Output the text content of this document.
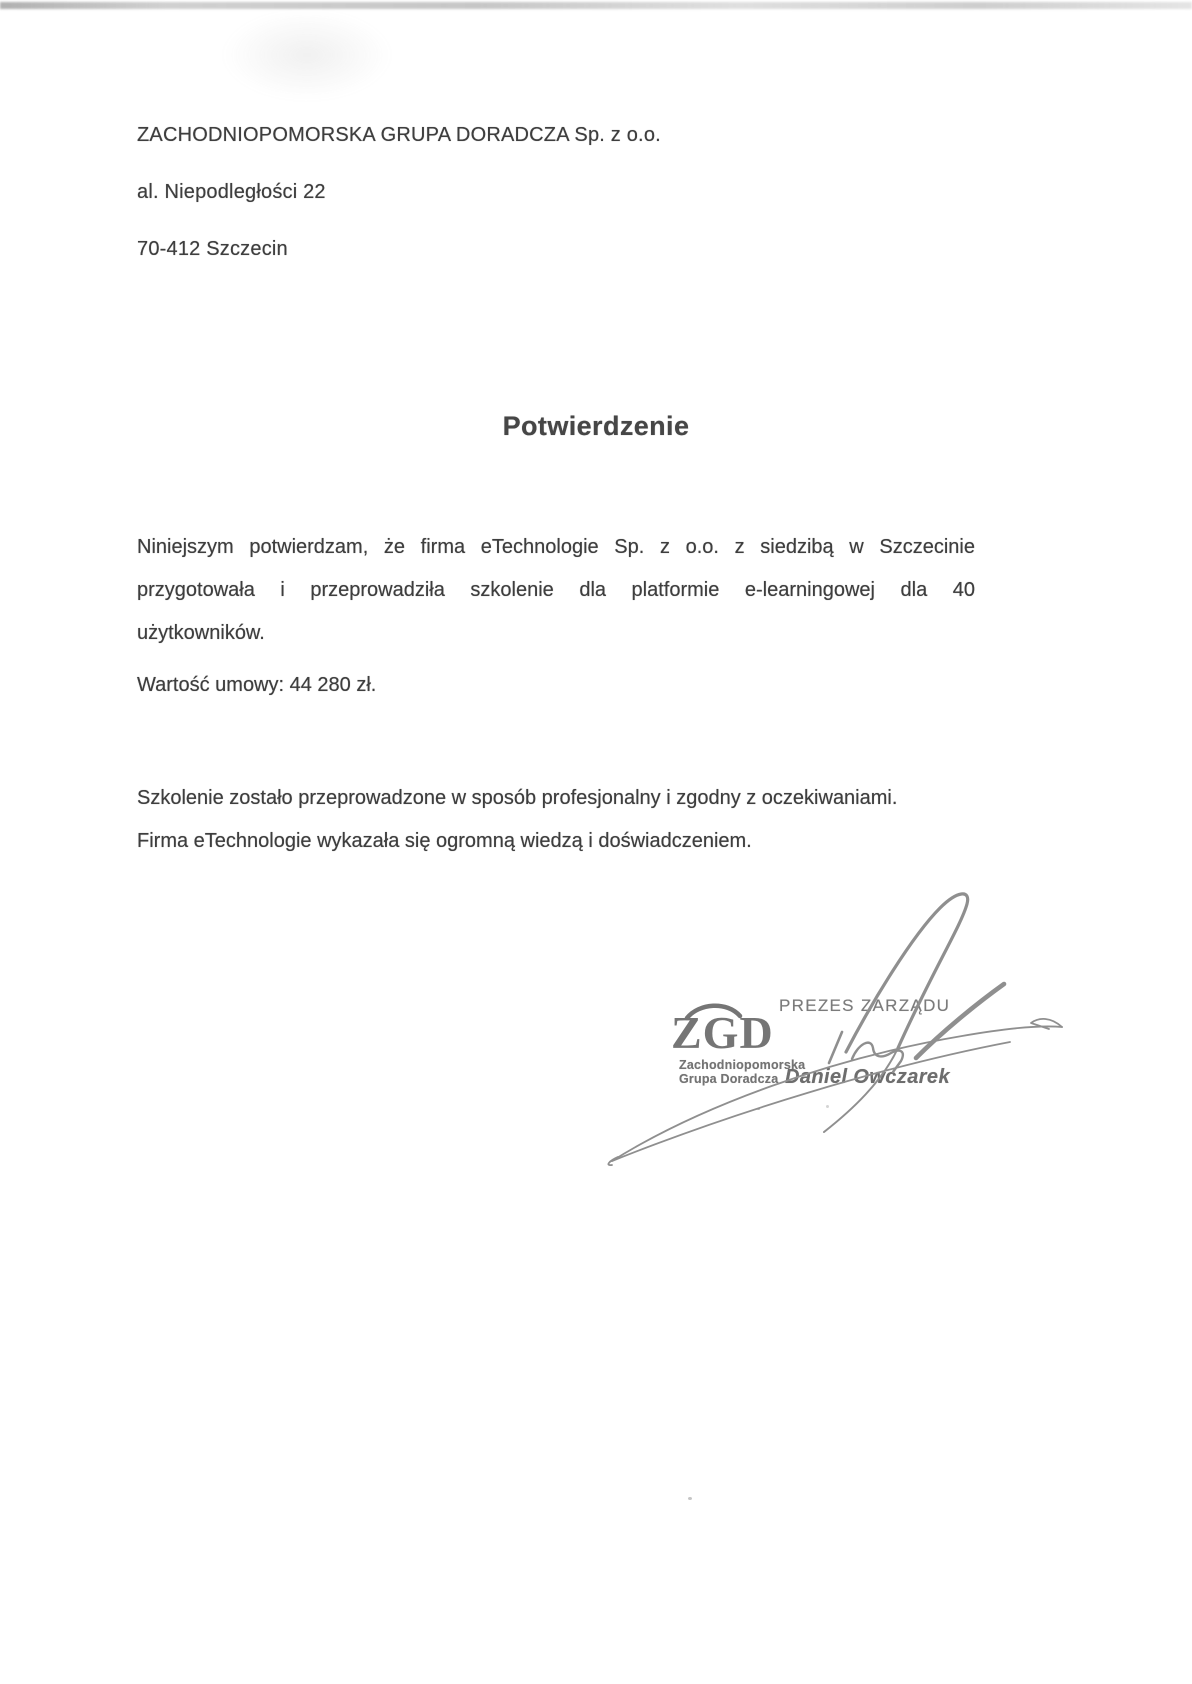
ZACHODNIOPOMORSKA GRUPA DORADCZA Sp. z o.o.
al. Niepodległości 22
70-412 Szczecin
Potwierdzenie
Niniejszym potwierdzam, że firma eTechnologie Sp. z o.o. z siedzibą w Szczecinie
przygotowała i przeprowadziła szkolenie dla platformie e-learningowej dla 40
użytkowników.
Wartość umowy: 44 280 zł.
Szkolenie zostało przeprowadzone w sposób profesjonalny i zgodny z oczekiwaniami.
Firma eTechnologie wykazała się ogromną wiedzą i doświadczeniem.
PREZES ZARZĄDU
ZGD
Zachodniopomorska
Grupa Doradcza Daniel Owczarek
